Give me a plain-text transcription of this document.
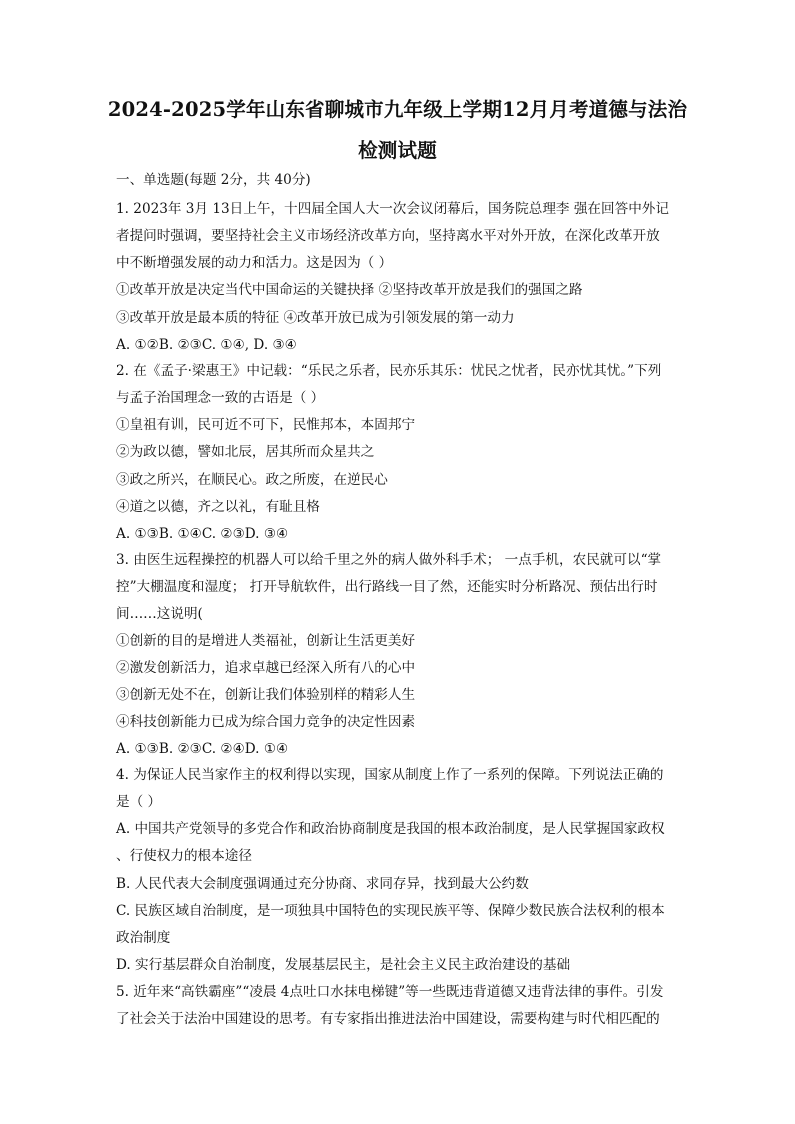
2024-2025学年山东省聊城市九年级上学期12月月考道德与法治
检测试题
一、单选题(每题 2分，共 40分)
1. 2023年 3月 13日上午，十四届全国人大一次会议闭幕后，国务院总理李 强在回答中外记
者提问时强调，要坚持社会主义市场经济改革方向，坚持离水平对外开放，在深化改革开放
中不断增强发展的动力和活力。这是因为（ ）
①改革开放是决定当代中国命运的关键抉择 ②坚持改革开放是我们的强国之路
③改革开放是最本质的特征 ④改革开放已成为引领发展的第一动力
A. ①②B. ②③C. ①④, D. ③④
2. 在《孟子·梁惠王》中记载：“乐民之乐者，民亦乐其乐：忧民之忧者，民亦忧其忧。”下列
与孟子治国理念一致的古语是（ ）
①皇祖有训，民可近不可下，民惟邦本，本固邦宁
②为政以德，譬如北辰，居其所而众星共之
③政之所兴，在顺民心。政之所废，在逆民心
④道之以德，齐之以礼，有耻且格
A. ①③B. ①④C. ②③D. ③④
3. 由医生远程操控的机器人可以给千里之外的病人做外科手术； 一点手机，农民就可以“掌
控”大棚温度和湿度； 打开导航软件，出行路线一目了然，还能实时分析路况、预估出行时
间……这说明(
①创新的目的是增进人类福祉，创新让生活更美好
②激发创新活力，追求卓越已经深入所有八的心中
③创新无处不在，创新让我们体验别样的精彩人生
④科技创新能力已成为综合国力竞争的决定性因素
A. ①③B. ②③C. ②④D. ①④
4. 为保证人民当家作主的权利得以实现，国家从制度上作了一系列的保障。下列说法正确的
是（ ）
A. 中国共产党领导的多党合作和政治协商制度是我国的根本政治制度，是人民掌握国家政权
、行使权力的根本途径
B. 人民代表大会制度强调通过充分协商、求同存异，找到最大公约数
C. 民族区域自治制度，是一项独具中国特色的实现民族平等、保障少数民族合法权利的根本
政治制度
D. 实行基层群众自治制度，发展基层民主，是社会主义民主政治建设的基础
5. 近年来“高铁霸座”“凌晨 4点吐口水抹电梯键”等一些既违背道德又违背法律的事件。引发
了社会关于法治中国建设的思考。有专家指出推进法治中国建设，需要构建与时代相匹配的
